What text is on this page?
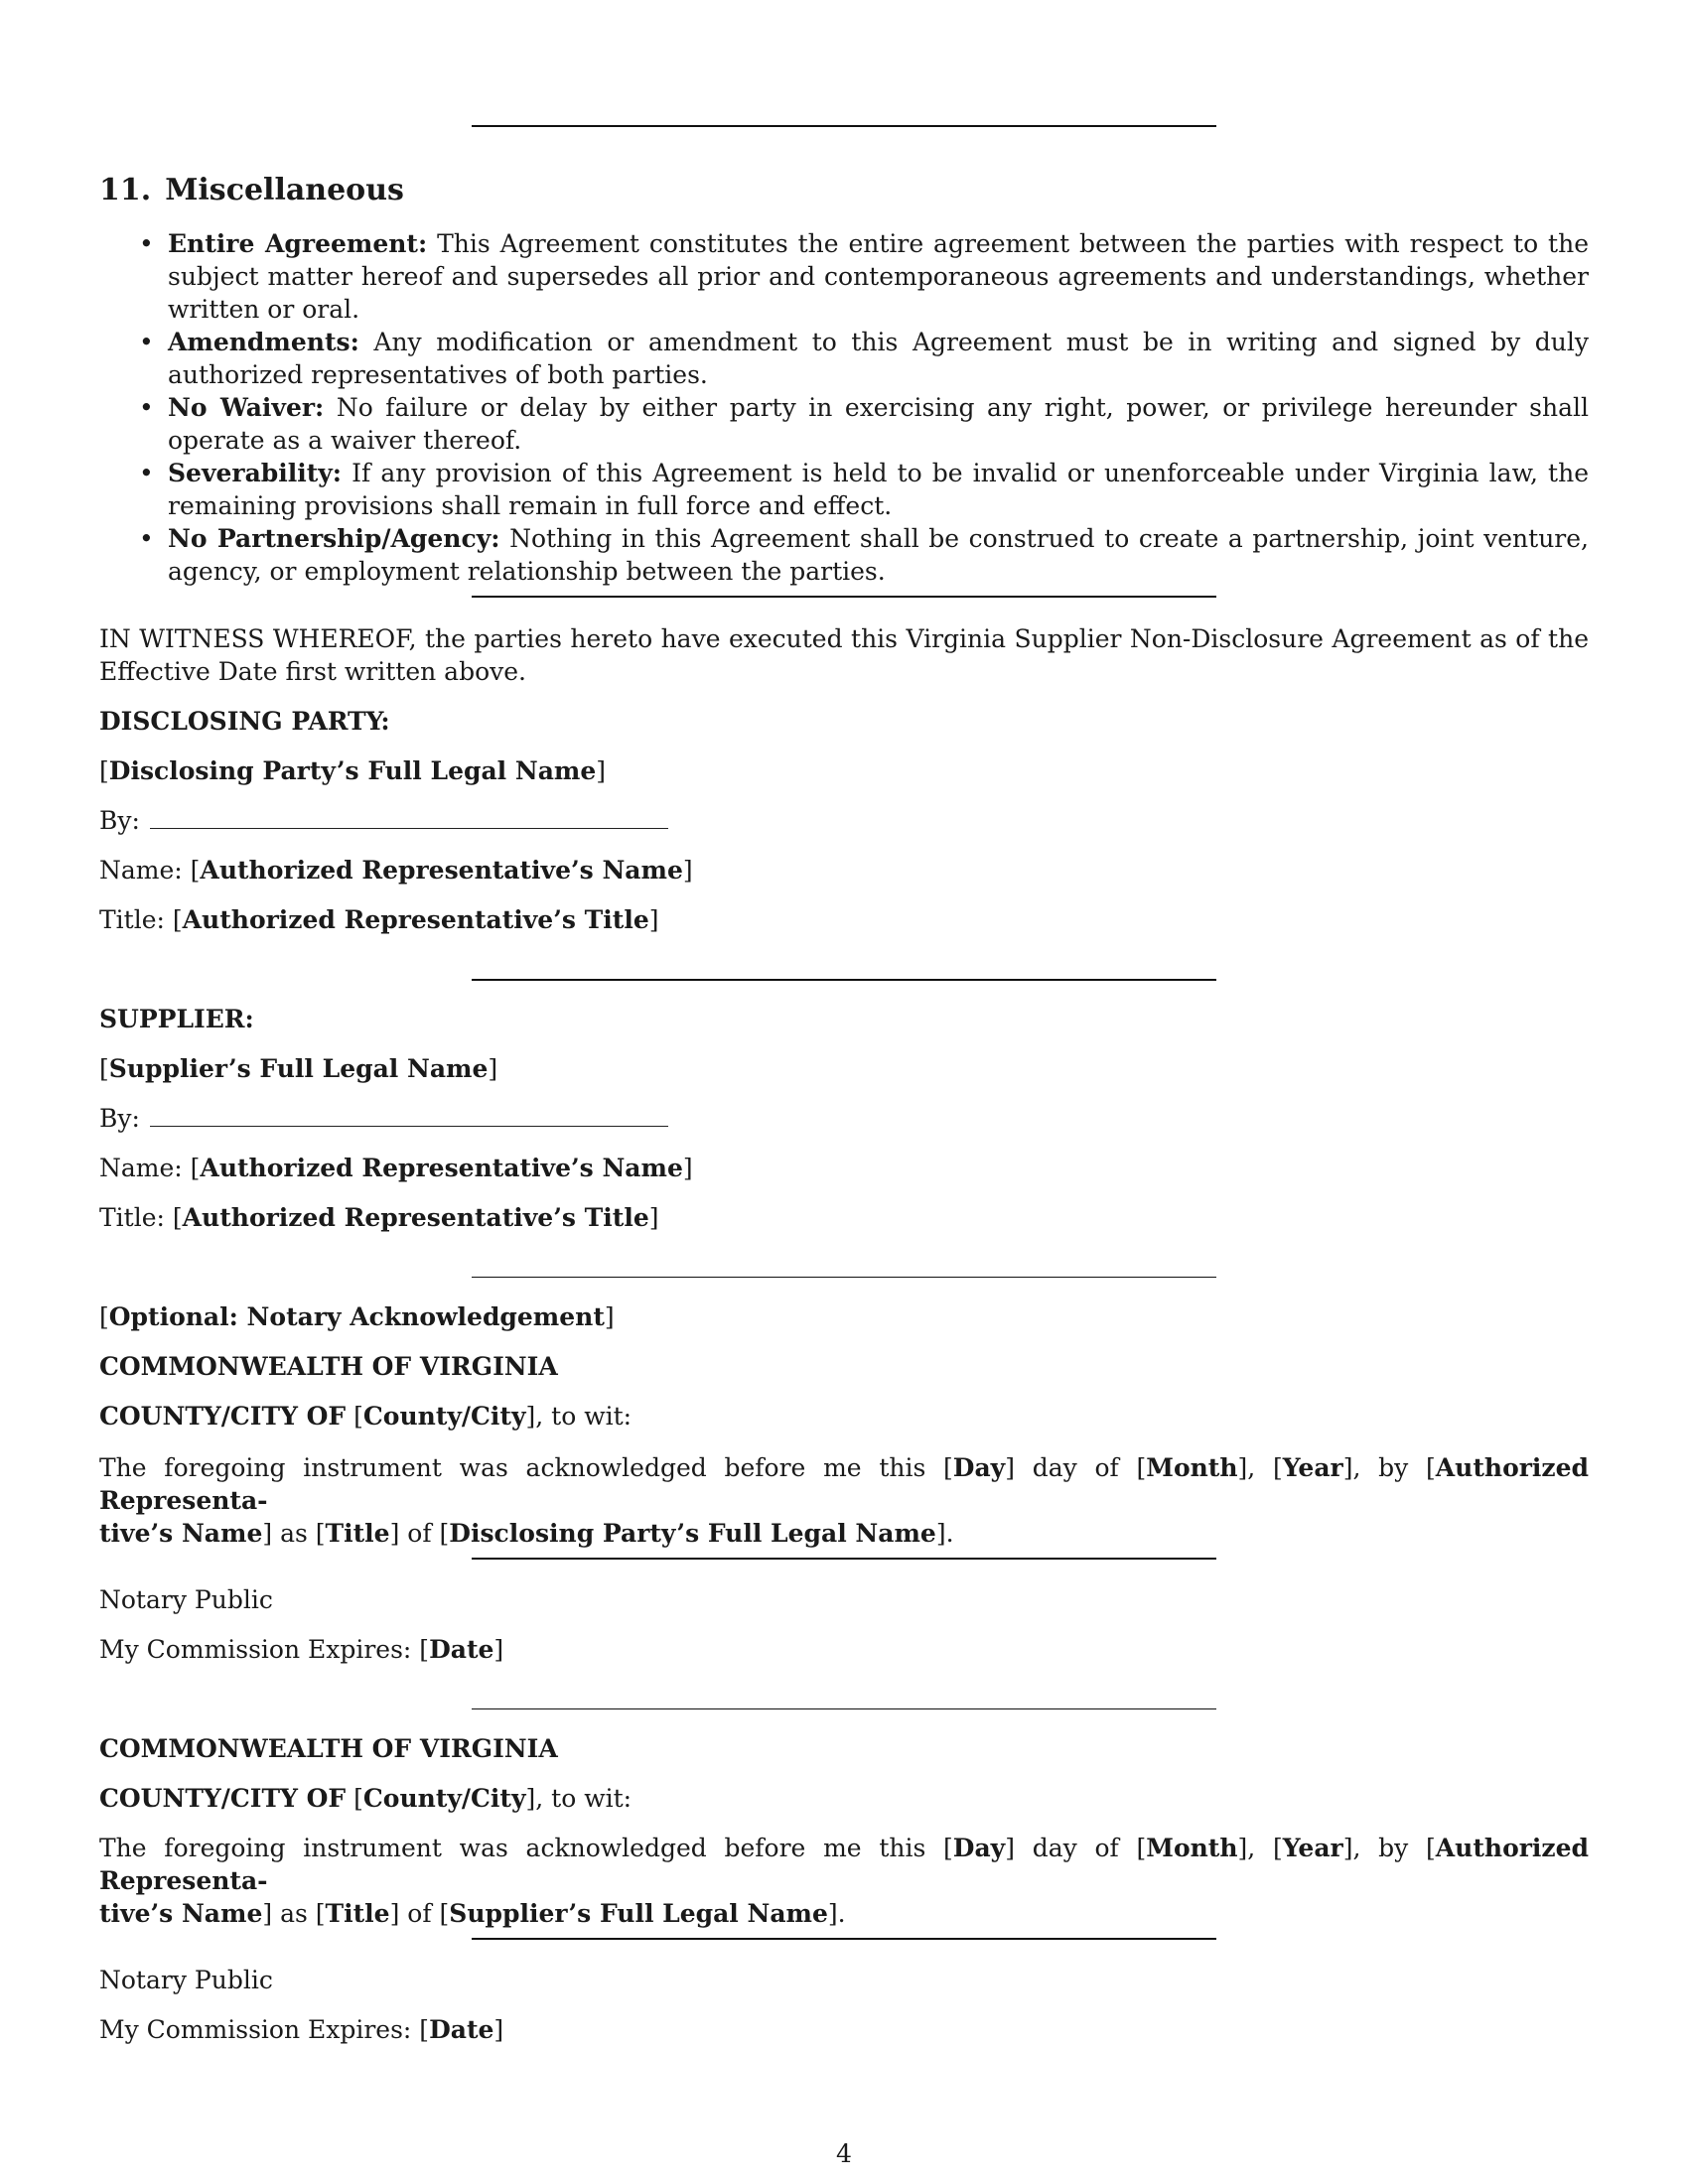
11. Miscellaneous
• Entire Agreement: This Agreement constitutes the entire agreement between the parties with respect to the subject matter hereof and supersedes all prior and contemporaneous agreements and understandings, whether written or oral.
• Amendments: Any modification or amendment to this Agreement must be in writing and signed by duly authorized representatives of both parties.
• No Waiver: No failure or delay by either party in exercising any right, power, or privilege hereunder shall operate as a waiver thereof.
• Severability: If any provision of this Agreement is held to be invalid or unenforceable under Virginia law, the remaining provisions shall remain in full force and effect.
• No Partnership/Agency: Nothing in this Agreement shall be construed to create a partnership, joint venture, agency, or employment relationship between the parties.

IN WITNESS WHEREOF, the parties hereto have executed this Virginia Supplier Non-Disclosure Agreement as of the Effective Date first written above.

DISCLOSING PARTY:

[Disclosing Party’s Full Legal Name]

By:

Name: [Authorized Representative’s Name]

Title: [Authorized Representative’s Title]

SUPPLIER:

[Supplier’s Full Legal Name]

By:

Name: [Authorized Representative’s Name]

Title: [Authorized Representative’s Title]

[Optional: Notary Acknowledgement]

COMMONWEALTH OF VIRGINIA

COUNTY/CITY OF [County/City], to wit:

The foregoing instrument was acknowledged before me this [Day] day of [Month], [Year], by [Authorized Representa-
tive’s Name] as [Title] of [Disclosing Party’s Full Legal Name].

Notary Public

My Commission Expires: [Date]

COMMONWEALTH OF VIRGINIA

COUNTY/CITY OF [County/City], to wit:

The foregoing instrument was acknowledged before me this [Day] day of [Month], [Year], by [Authorized Representa-
tive’s Name] as [Title] of [Supplier’s Full Legal Name].

Notary Public

My Commission Expires: [Date]

4
